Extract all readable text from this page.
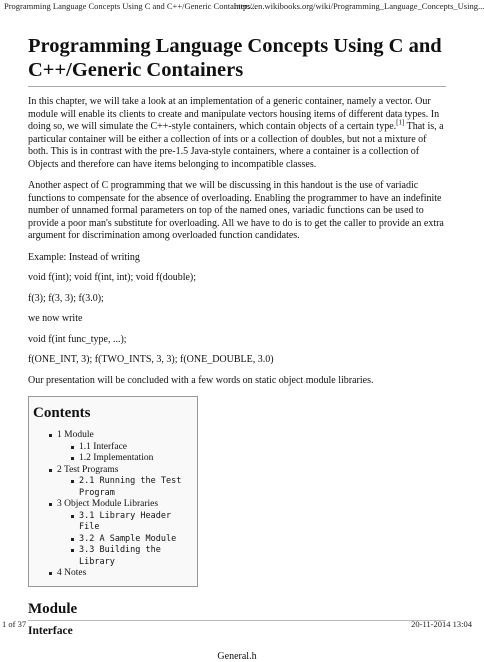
Programming Language Concepts Using C and C++/Generic Containers...
http://en.wikibooks.org/wiki/Programming_Language_Concepts_Using...
Programming Language Concepts Using C and C++/Generic Containers

In this chapter, we will take a look at an implementation of a generic container, namely a vector. Our module will enable its clients to create and manipulate vectors housing items of different data types. In doing so, we will simulate the C++-style containers, which contain objects of a certain type.[1] That is, a particular container will be either a collection of ints or a collection of doubles, but not a mixture of both. This is in contrast with the pre-1.5 Java-style containers, where a container is a collection of Objects and therefore can have items belonging to incompatible classes.

Another aspect of C programming that we will be discussing in this handout is the use of variadic functions to compensate for the absence of overloading. Enabling the programmer to have an indefinite number of unnamed formal parameters on top of the named ones, variadic functions can be used to provide a poor man's substitute for overloading. All we have to do is to get the caller to provide an extra argument for discrimination among overloaded function candidates.

Example: Instead of writing

void f(int); void f(int, int); void f(double);

f(3); f(3, 3); f(3.0);

we now write

void f(int func_type, ...);

f(ONE_INT, 3); f(TWO_INTS, 3, 3); f(ONE_DOUBLE, 3.0)

Our presentation will be concluded with a few words on static object module libraries.

Contents
1 Module
1.1 Interface
1.2 Implementation
2 Test Programs
2.1 Running the Test Program
3 Object Module Libraries
3.1 Library Header File
3.2 A Sample Module
3.3 Building the Library
4 Notes
Module
Interface
General.h
1 of 37	20-11-2014 13:04
